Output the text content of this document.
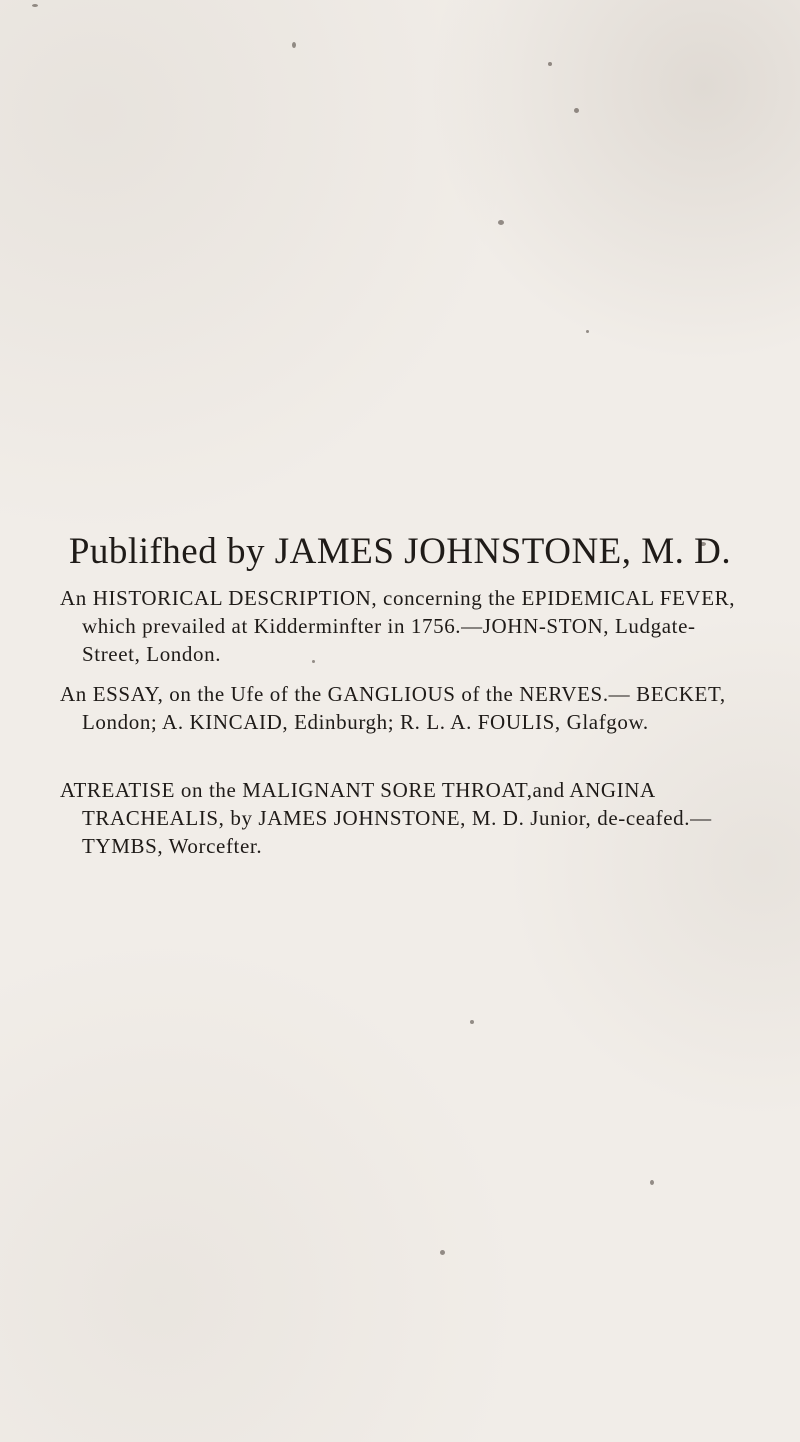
Publifhed by JAMES JOHNSTONE, M. D.

An HISTORICAL DESCRIPTION, concerning the EPIDEMICAL FEVER, which prevailed at Kidderminfter in 1756.—JOHN-STON, Ludgate-Street, London.

An ESSAY, on the Ufe of the GANGLIOUS of the NERVES.— BECKET, London; A. KINCAID, Edinburgh; R. L. A. FOULIS, Glafgow.

ATREATISE on the MALIGNANT SORE THROAT,and ANGINA TRACHEALIS, by JAMES JOHNSTONE, M. D. Junior, de-ceafed.—TYMBS, Worcefter.
